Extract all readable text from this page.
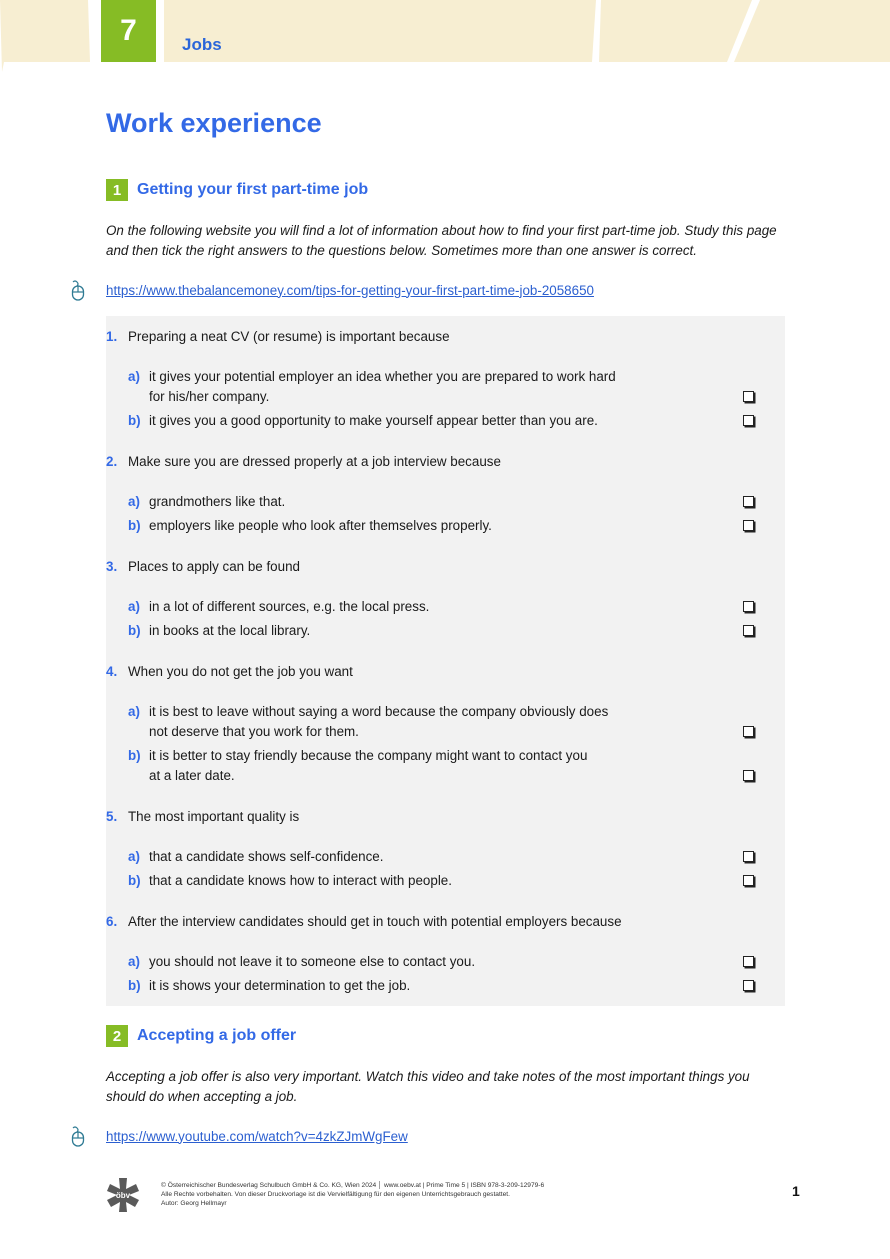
7	Jobs
Work experience
1 Getting your first part-time job

On the following website you will find a lot of information about how to find your first part-time job. Study this page and then tick the right answers to the questions below. Sometimes more than one answer is correct.

https://www.thebalancemoney.com/tips-for-getting-your-first-part-time-job-2058650
1. Preparing a neat CV (or resume) is important because
a) it gives your potential employer an idea whether you are prepared to work hard
for his/her company.
b) it gives you a good opportunity to make yourself appear better than you are.
2. Make sure you are dressed properly at a job interview because
a) grandmothers like that.
b) employers like people who look after themselves properly.
3. Places to apply can be found
a) in a lot of different sources, e.g. the local press.
b) in books at the local library.
4. When you do not get the job you want
a) it is best to leave without saying a word because the company obviously does
not deserve that you work for them.
b) it is better to stay friendly because the company might want to contact you
at a later date.
5. The most important quality is
a) that a candidate shows self-confidence.
b) that a candidate knows how to interact with people.
6. After the interview candidates should get in touch with potential employers because
a) you should not leave it to someone else to contact you.
b) it is shows your determination to get the job.
2 Accepting a job offer

Accepting a job offer is also very important. Watch this video and take notes of the most important things you should do when accepting a job.

https://www.youtube.com/watch?v=4zkZJmWgFew
öbv
© Österreichischer Bundesverlag Schulbuch GmbH & Co. KG, Wien 2024 │ www.oebv.at | Prime Time 5 | ISBN 978-3-209-12979-6
Alle Rechte vorbehalten. Von dieser Druckvorlage ist die Vervielfältigung für den eigenen Unterrichtsgebrauch gestattet.
Autor: Georg Hellmayr
1
